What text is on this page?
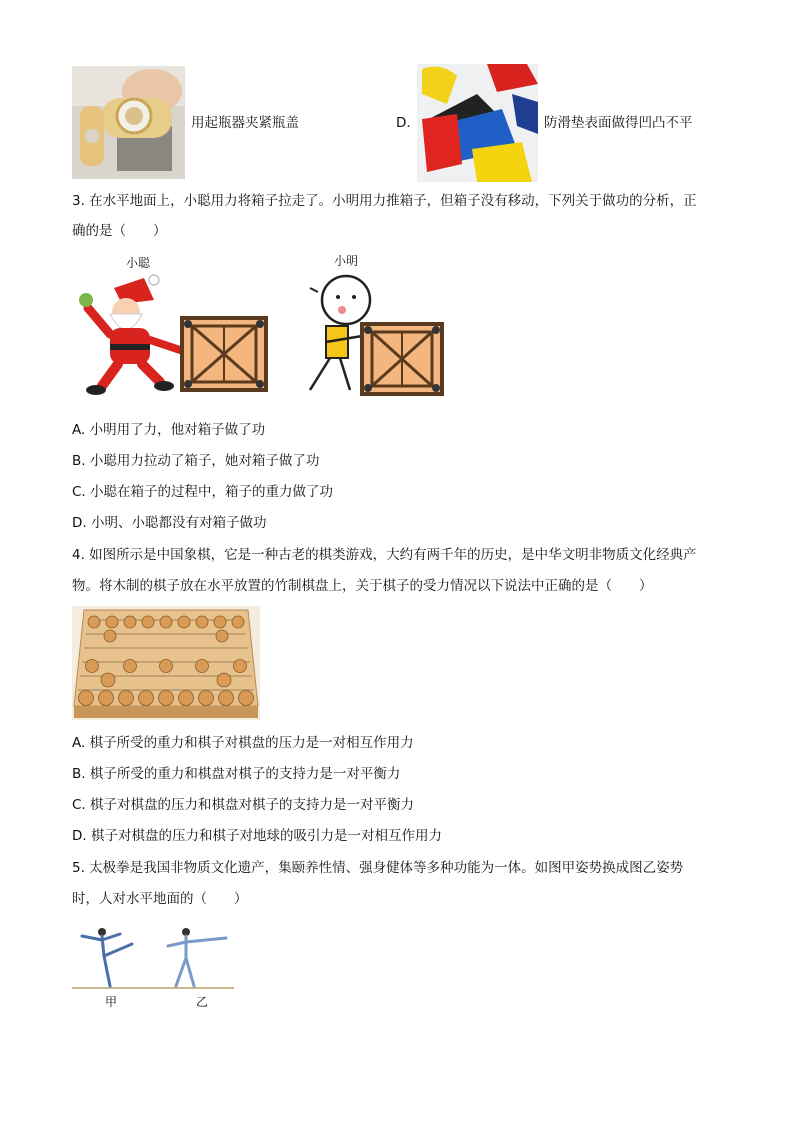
用起瓶器夹紧瓶盖	D.	防滑垫表面做得凹凸不平
3. 在水平地面上，小聪用力将箱子拉走了。小明用力推箱子，但箱子没有移动，下列关于做功的分析，正
确的是（　　）
小聪	小明
A. 小明用了力，他对箱子做了功
B. 小聪用力拉动了箱子，她对箱子做了功
C. 小聪在箱子的过程中，箱子的重力做了功
D. 小明、小聪都没有对箱子做功
4. 如图所示是中国象棋，它是一种古老的棋类游戏，大约有两千年的历史，是中华文明非物质文化经典产
物。将木制的棋子放在水平放置的竹制棋盘上，关于棋子的受力情况以下说法中正确的是（　　）
A. 棋子所受的重力和棋子对棋盘的压力是一对相互作用力
B. 棋子所受的重力和棋盘对棋子的支持力是一对平衡力
C. 棋子对棋盘的压力和棋盘对棋子的支持力是一对平衡力
D. 棋子对棋盘的压力和棋子对地球的吸引力是一对相互作用力
5. 太极拳是我国非物质文化遗产，集颐养性情、强身健体等多种功能为一体。如图甲姿势换成图乙姿势
时，人对水平地面的（　　）
甲	乙
